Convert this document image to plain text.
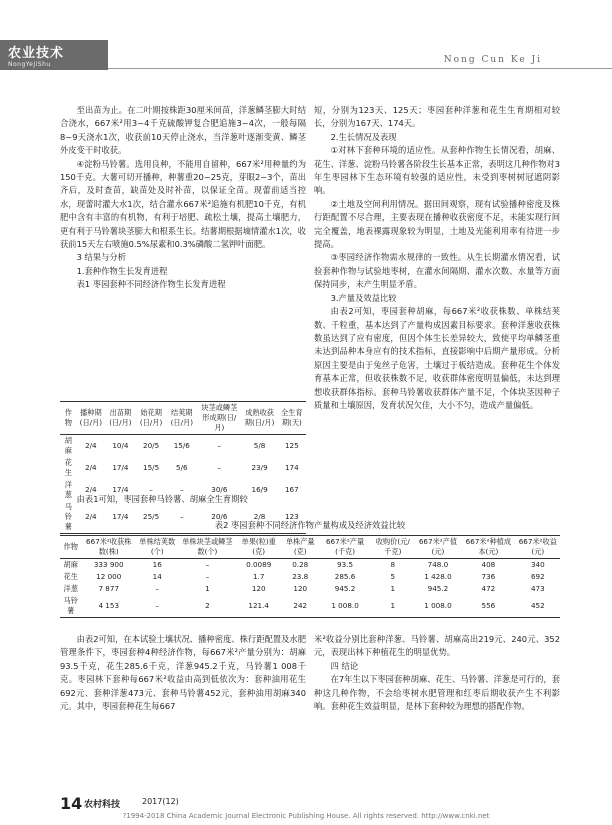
农业技术
NongYeJiShu	Nong Cun Ke Ji

至出苗为止。在二叶期按株距30厘米间苗，洋葱鳞茎膨大时结合浇水，667米²用3~4千克硫酸钾复合肥追施3~4次，一般每隔8~9天浇水1次，收获前10天停止浇水，当洋葱叶逐渐变黄、鳞茎外皮变干时收获。

④淀粉马铃薯。选用良种，不能用自留种，667米²用种量约为150千克。大薯可切开播种，种薯重20~25克，芽眼2~3个，苗出齐后，及时查苗，缺苗处及时补苗，以保证全苗。现蕾前适当控水，现蕾时灌大水1次，结合灌水667米²追施有机肥10千克，有机肥中含有丰富的有机物，有利于培肥、疏松土壤，提高土壤肥力，更有利于马铃薯块茎膨大和根系生长。结薯期根据墒情灌水1次，收获前15天左右喷施0.5%尿素和0.3%磷酸二氢钾叶面肥。

3 结果与分析

1.套种作物生长发育进程

表1 枣园套种不同经济作物生长发育进程

作物	播种期(日/月)	出苗期(日/月)	始花期(日/月)	结荚期(日/月)	块茎或鳞茎形成期(日/月)	成熟收获期(日/月)	全生育期(天)
胡麻	2/4	10/4	20/5	15/6	–	5/8	125
花生	2/4	17/4	15/5	5/6	–	23/9	174
洋葱	2/4	17/4	–	–	30/6	16/9	167
马铃薯	2/4	17/4	25/5	–	20/6	2/8	123
由表1可知，枣园套种马铃薯、胡麻全生育期较

短，分别为123天、125天；枣园套种洋葱和花生生育期相对较长，分别为167天、174天。

2.生长情况及表现

①对林下套种环境的适应性。从套种作物生长情况看，胡麻、花生、洋葱、淀粉马铃薯各阶段生长基本正常，表明这几种作物对3年生枣园林下生态环境有较强的适应性，未受到枣树树冠遮阴影响。

②土地及空间利用情况。据田间观察，现有试验播种密度及株行距配置不尽合理，主要表现在播种收获密度不足，未能实现行间完全覆盖，地表裸露现象较为明显，土地及光能利用率有待进一步提高。

③枣园经济作物需水规律的一致性。从生长期灌水情况看，试验套种作物与试验地枣树，在灌水间隔期、灌水次数、水量等方面保持同步，未产生明显矛盾。

3.产量及效益比较

由表2可知，枣园套种胡麻，每667米²收获株数、单株结荚数、千粒重，基本达到了产量构成因素目标要求。套种洋葱收获株数虽达到了应有密度，但因个体生长差异较大，致使平均单鳞茎重未达到品种本身应有的技术指标，直接影响中后期产量形成。分析原因主要是由于兔丝子危害，土壤过于板结造成。套种花生个体发育基本正常，但收获株数不足，收获群体密度明显偏低，未达到理想收获群体指标。套种马铃薯收获群体产量不足，个体块茎因种子质量和土壤原因，发育状况欠佳，大小不匀，造成产量偏低。

表2 枣园套种不同经济作物产量构成及经济效益比较
作物	667米²收获株数(株)	单株结荚数(个)	单株块茎或鳞茎数(个)	单果(粒)重(克)	单株产量(克)	667米²产量(千克)	收购价(元/千克)	667米²产值(元)	667米²种植成本(元)	667米²收益(元)
胡麻	333 900	16	–	0.0089	0.28	93.5	8	748.0	408	340
花生	12 000	14	–	1.7	23.8	285.6	5	1 428.0	736	692
洋葱	7 877	–	1	120	120	945.2	1	945.2	472	473
马铃薯	4 153	–	2	121.4	242	1 008.0	1	1 008.0	556	452

由表2可知，在本试验土壤状况、播种密度、株行距配置及水肥管理条件下，枣园套种4种经济作物，每667米²产量分别为：胡麻93.5千克，花生285.6千克，洋葱945.2千克，马铃薯1 008千克。枣园林下套种每667米²收益由高到低依次为：套种油用花生692元、套种洋葱473元、套种马铃薯452元，套种油用胡麻340元。其中，枣园套种花生每667

米²收益分别比套种洋葱、马铃薯、胡麻高出219元、240元、352元，表现出林下种植花生的明显优势。

四 结论

在7年生以下枣园套种胡麻、花生、马铃薯、洋葱是可行的，套种这几种作物，不会给枣树水肥管理和红枣后期收获产生不利影响。套种花生效益明显，是林下套种较为理想的搭配作物。

14 农村科技	2017(12)
?1994-2018 China Academic Journal Electronic Publishing House. All rights reserved. http://www.cnki.net
